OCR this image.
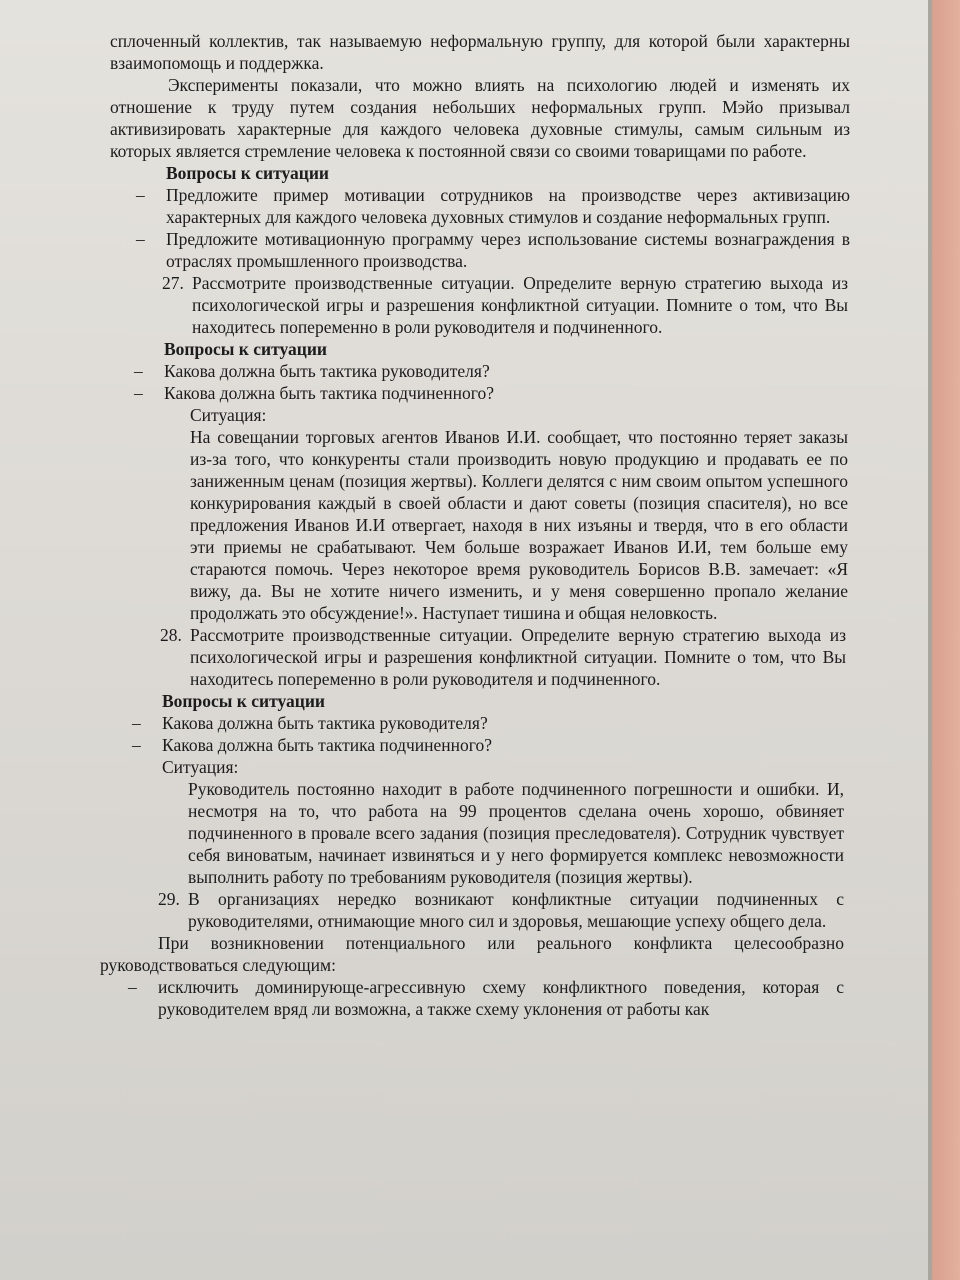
сплоченный коллектив, так называемую неформальную группу, для которой были характерны взаимопомощь и поддержка.

Эксперименты показали, что можно влиять на психологию людей и изменять их отношение к труду путем создания небольших неформальных групп. Мэйо призывал активизировать характерные для каждого человека духовные стимулы, самым сильным из которых является стремление человека к постоянной связи со своими товарищами по работе.

Вопросы к ситуации

– Предложите пример мотивации сотрудников на производстве через активизацию характерных для каждого человека духовных стимулов и создание неформальных групп.

– Предложите мотивационную программу через использование системы вознаграждения в отраслях промышленного производства.

27. Рассмотрите производственные ситуации. Определите верную стратегию выхода из психологической игры и разрешения конфликтной ситуации. Помните о том, что Вы находитесь попеременно в роли руководителя и подчиненного.

Вопросы к ситуации

– Какова должна быть тактика руководителя?

– Какова должна быть тактика подчиненного?

Ситуация:

На совещании торговых агентов Иванов И.И. сообщает, что постоянно теряет заказы из-за того, что конкуренты стали производить новую продукцию и продавать ее по заниженным ценам (позиция жертвы). Коллеги делятся с ним своим опытом успешного конкурирования каждый в своей области и дают советы (позиция спасителя), но все предложения Иванов И.И отвергает, находя в них изъяны и твердя, что в его области эти приемы не срабатывают. Чем больше возражает Иванов И.И, тем больше ему стараются помочь. Через некоторое время руководитель Борисов В.В. замечает: «Я вижу, да. Вы не хотите ничего изменить, и у меня совершенно пропало желание продолжать это обсуждение!». Наступает тишина и общая неловкость.

28. Рассмотрите производственные ситуации. Определите верную стратегию выхода из психологической игры и разрешения конфликтной ситуации. Помните о том, что Вы находитесь попеременно в роли руководителя и подчиненного.

Вопросы к ситуации

– Какова должна быть тактика руководителя?

– Какова должна быть тактика подчиненного?

Ситуация:

Руководитель постоянно находит в работе подчиненного погрешности и ошибки. И, несмотря на то, что работа на 99 процентов сделана очень хорошо, обвиняет подчиненного в провале всего задания (позиция преследователя). Сотрудник чувствует себя виноватым, начинает извиняться и у него формируется комплекс невозможности выполнить работу по требованиям руководителя (позиция жертвы).

29. В организациях нередко возникают конфликтные ситуации подчиненных с руководителями, отнимающие много сил и здоровья, мешающие успеху общего дела.

При возникновении потенциального или реального конфликта целесообразно руководствоваться следующим:

– исключить доминирующе-агрессивную схему конфликтного поведения, которая с руководителем вряд ли возможна, а также схему уклонения от работы как
